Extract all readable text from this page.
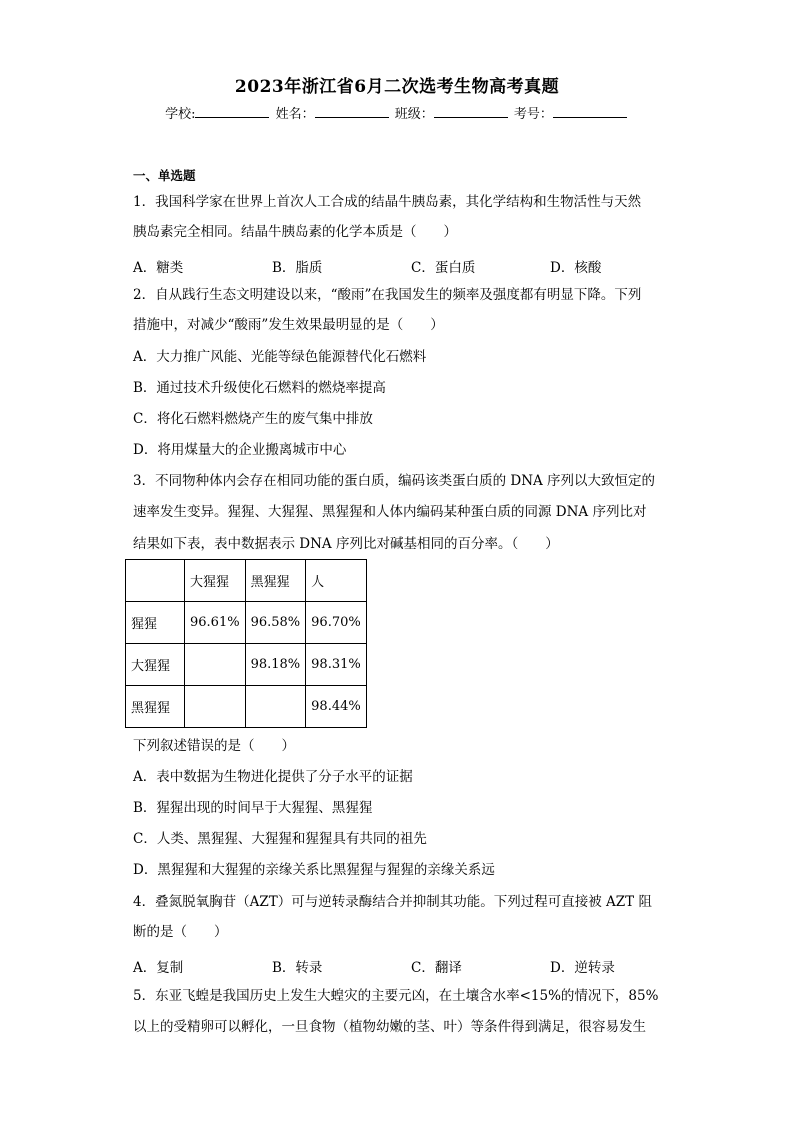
2023年浙江省6月二次选考生物高考真题
学校:	姓名：	班级：	考号：
一、单选题
1．我国科学家在世界上首次人工合成的结晶牛胰岛素，其化学结构和生物活性与天然
胰岛素完全相同。结晶牛胰岛素的化学本质是（　　）
A．糖类	B．脂质	C．蛋白质	D．核酸
2．自从践行生态文明建设以来，“酸雨”在我国发生的频率及强度都有明显下降。下列
措施中，对减少“酸雨”发生效果最明显的是（　　）
A．大力推广风能、光能等绿色能源替代化石燃料
B．通过技术升级使化石燃料的燃烧率提高
C．将化石燃料燃烧产生的废气集中排放
D．将用煤量大的企业搬离城市中心
3．不同物种体内会存在相同功能的蛋白质，编码该类蛋白质的 DNA 序列以大致恒定的
速率发生变异。猩猩、大猩猩、黑猩猩和人体内编码某种蛋白质的同源 DNA 序列比对
结果如下表，表中数据表示 DNA 序列比对碱基相同的百分率。（　　）
	大猩猩	黑猩猩	人
猩猩	96.61%	96.58%	96.70%
大猩猩		98.18%	98.31%
黑猩猩			98.44%
下列叙述错误的是（　　）
A．表中数据为生物进化提供了分子水平的证据
B．猩猩出现的时间早于大猩猩、黑猩猩
C．人类、黑猩猩、大猩猩和猩猩具有共同的祖先
D．黑猩猩和大猩猩的亲缘关系比黑猩猩与猩猩的亲缘关系远
4．叠氮脱氧胸苷（AZT）可与逆转录酶结合并抑制其功能。下列过程可直接被 AZT 阻
断的是（　　）
A．复制	B．转录	C．翻译	D．逆转录
5．东亚飞蝗是我国历史上发生大蝗灾的主要元凶，在土壤含水率<15%的情况下，85%
以上的受精卵可以孵化，一旦食物（植物幼嫩的茎、叶）等条件得到满足，很容易发生
